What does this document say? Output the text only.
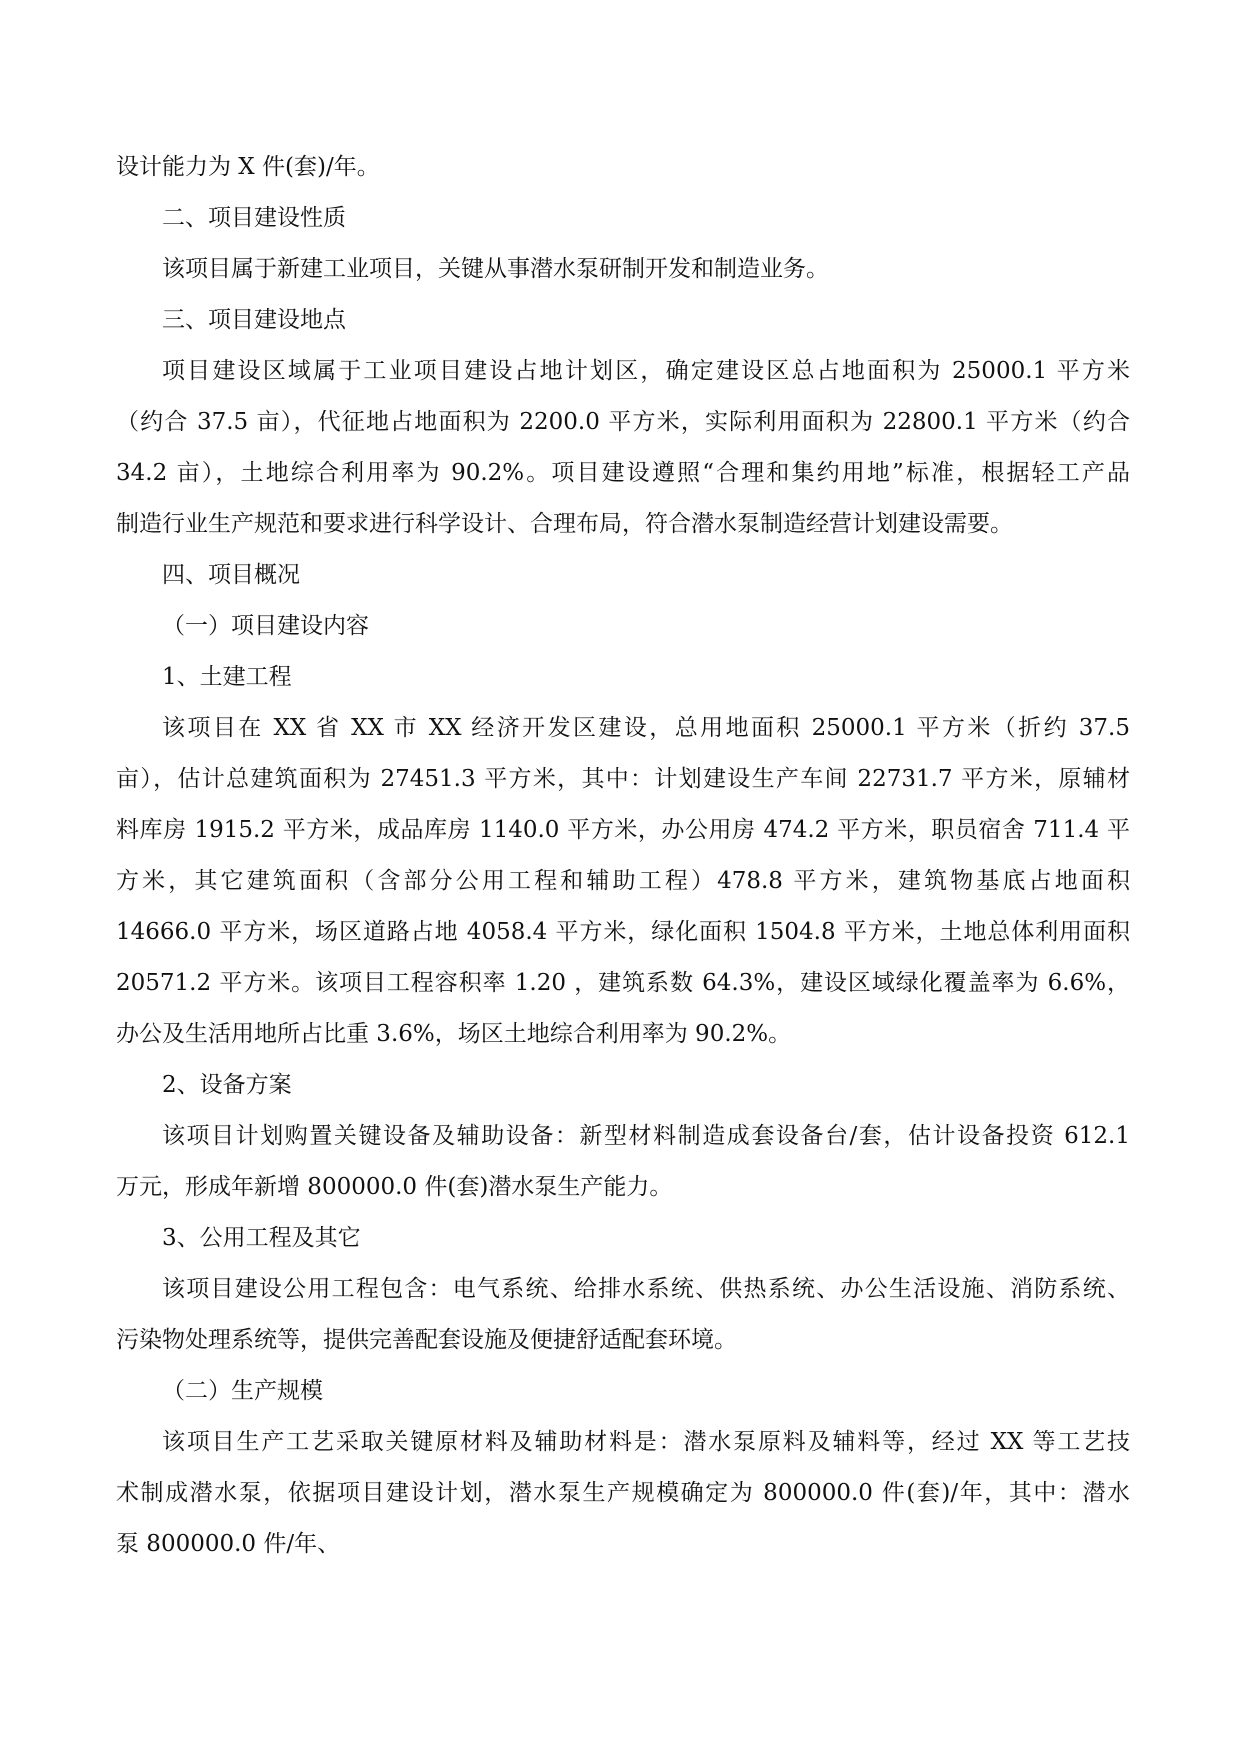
设计能力为 X 件(套)/年。
二、项目建设性质
该项目属于新建工业项目，关键从事潜水泵研制开发和制造业务。
三、项目建设地点
项目建设区域属于工业项目建设占地计划区，确定建设区总占地面积为 25000.1 平方米
（约合 37.5 亩），代征地占地面积为 2200.0 平方米，实际利用面积为 22800.1 平方米（约合
34.2 亩），土地综合利用率为 90.2%。项目建设遵照“合理和集约用地”标准，根据轻工产品
制造行业生产规范和要求进行科学设计、合理布局，符合潜水泵制造经营计划建设需要。
四、项目概况
（一）项目建设内容
1、土建工程
该项目在 XX 省 XX 市 XX 经济开发区建设，总用地面积 25000.1 平方米（折约 37.5
亩），估计总建筑面积为 27451.3 平方米，其中：计划建设生产车间 22731.7 平方米，原辅材
料库房 1915.2 平方米，成品库房 1140.0 平方米，办公用房 474.2 平方米，职员宿舍 711.4 平
方米，其它建筑面积（含部分公用工程和辅助工程）478.8 平方米，建筑物基底占地面积
14666.0 平方米，场区道路占地 4058.4 平方米，绿化面积 1504.8 平方米，土地总体利用面积
20571.2 平方米。该项目工程容积率 1.20 ，建筑系数 64.3%，建设区域绿化覆盖率为 6.6%，
办公及生活用地所占比重 3.6%，场区土地综合利用率为 90.2%。
2、设备方案
该项目计划购置关键设备及辅助设备：新型材料制造成套设备台/套，估计设备投资 612.1
万元，形成年新增 800000.0 件(套)潜水泵生产能力。
3、公用工程及其它
该项目建设公用工程包含：电气系统、给排水系统、供热系统、办公生活设施、消防系统、
污染物处理系统等，提供完善配套设施及便捷舒适配套环境。
（二）生产规模
该项目生产工艺采取关键原材料及辅助材料是：潜水泵原料及辅料等，经过 XX 等工艺技
术制成潜水泵，依据项目建设计划，潜水泵生产规模确定为 800000.0 件(套)/年，其中：潜水
泵 800000.0 件/年、
